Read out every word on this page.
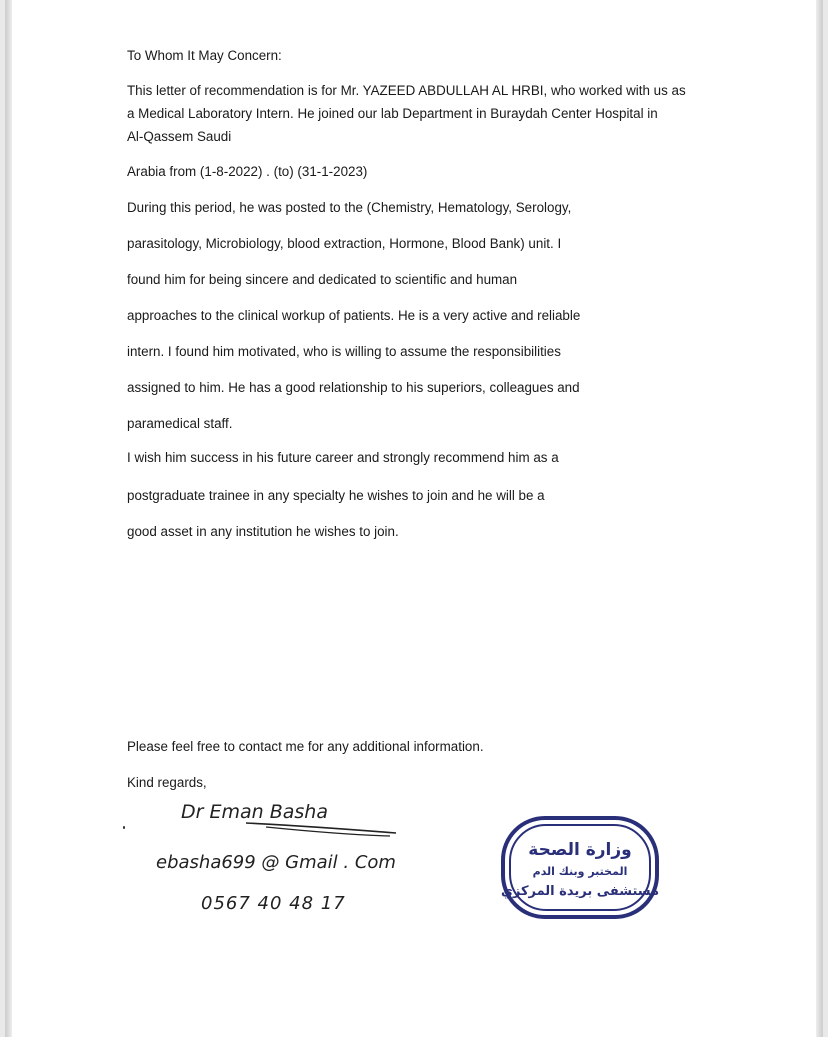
To Whom It May Concern:
This letter of recommendation is for Mr. YAZEED ABDULLAH AL HRBI, who worked with us as
a Medical Laboratory Intern. He joined our lab Department in Buraydah Center Hospital in
Al-Qassem Saudi
Arabia from (1-8-2022) . (to) (31-1-2023)
During this period, he was posted to the (Chemistry, Hematology, Serology,
parasitology, Microbiology, blood extraction, Hormone, Blood Bank) unit. I
found him for being sincere and dedicated to scientific and human
approaches to the clinical workup of patients. He is a very active and reliable
intern. I found him motivated, who is willing to assume the responsibilities
assigned to him. He has a good relationship to his superiors, colleagues and
paramedical staff.
I wish him success in his future career and strongly recommend him as a
postgraduate trainee in any specialty he wishes to join and he will be a
good asset in any institution he wishes to join.
Please feel free to contact me for any additional information.
Kind regards,
Dr Eman Basha
ebasha699 @ Gmail . Com
0567 40 48 17
وزارة الصحة
المختبر وبنك الدم
مستشفى بريدة المركزي
